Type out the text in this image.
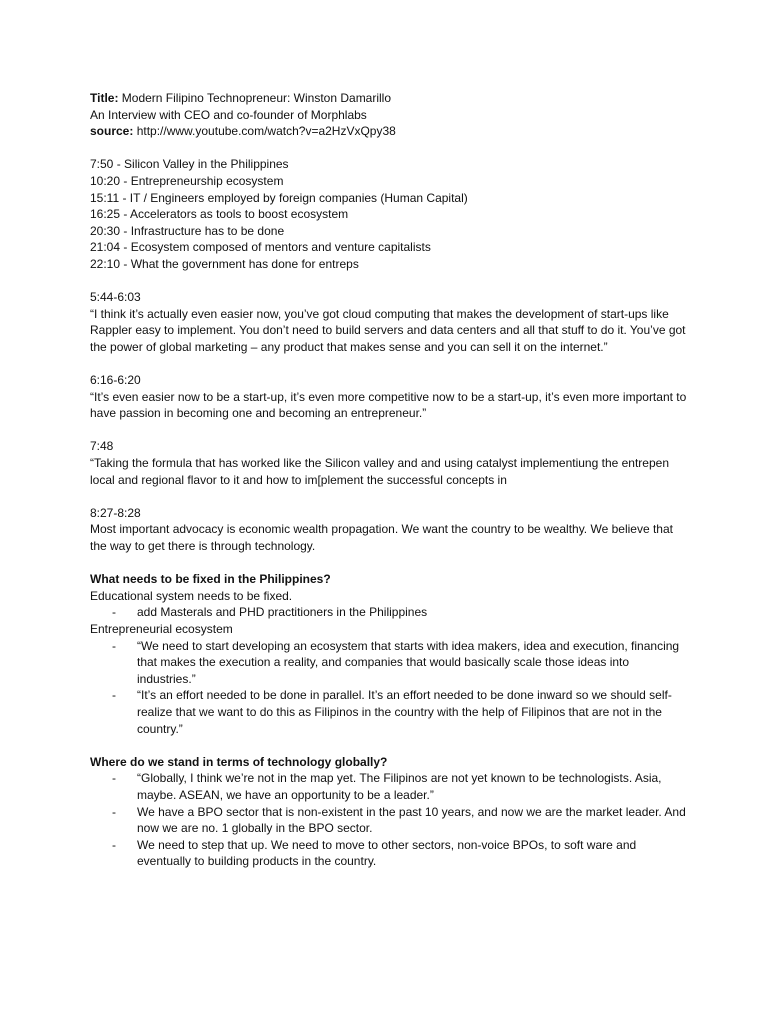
Title: Modern Filipino Technopreneur: Winston Damarillo

An Interview with CEO and co-founder of Morphlabs

source: http://www.youtube.com/watch?v=a2HzVxQpy38

7:50 - Silicon Valley in the Philippines

10:20 - Entrepreneurship ecosystem

15:11 - IT / Engineers employed by foreign companies (Human Capital)

16:25 - Accelerators as tools to boost ecosystem

20:30 - Infrastructure has to be done

21:04 - Ecosystem composed of mentors and venture capitalists

22:10 - What the government has done for entreps

5:44-6:03

“I think it’s actually even easier now, you’ve got cloud computing that makes the development of start-ups like Rappler easy to implement. You don’t need to build servers and data centers and all that stuff to do it. You’ve got the power of global marketing – any product that makes sense and you can sell it on the internet.”

6:16-6:20

“It’s even easier now to be a start-up, it’s even more competitive now to be a start-up, it’s even more important to have passion in becoming one and becoming an entrepreneur.”

7:48

“Taking the formula that has worked like the Silicon valley and and using catalyst implementiung the entrepen local and regional flavor to it and how to im[plement the successful concepts in

8:27-8:28

Most important advocacy is economic wealth propagation. We want the country to be wealthy. We believe that the way to get there is through technology.

What needs to be fixed in the Philippines?

Educational system needs to be fixed.

- add Masterals and PHD practitioners in the Philippines

Entrepreneurial ecosystem

- “We need to start developing an ecosystem that starts with idea makers, idea and execution, financing that makes the execution a reality, and companies that would basically scale those ideas into industries.”
- “It’s an effort needed to be done in parallel. It’s an effort needed to be done inward so we should self-realize that we want to do this as Filipinos in the country with the help of Filipinos that are not in the country.”

Where do we stand in terms of technology globally?

- “Globally, I think we’re not in the map yet. The Filipinos are not yet known to be technologists. Asia, maybe. ASEAN, we have an opportunity to be a leader.”
- We have a BPO sector that is non-existent in the past 10 years, and now we are the market leader. And now we are no. 1 globally in the BPO sector.
- We need to step that up. We need to move to other sectors, non-voice BPOs, to soft ware and eventually to building products in the country.
